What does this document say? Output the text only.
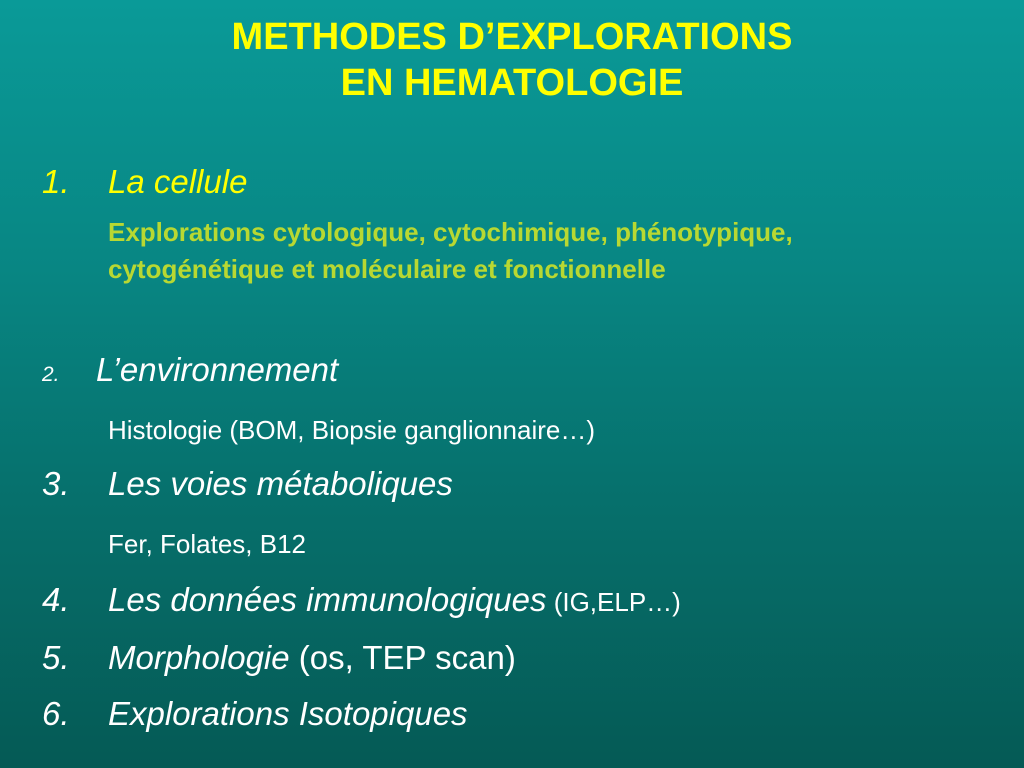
METHODES D’EXPLORATIONS
EN HEMATOLOGIE
1. La cellule
Explorations cytologique, cytochimique, phénotypique, cytogénétique et moléculaire et fonctionnelle
2. L’environnement
Histologie (BOM, Biopsie ganglionnaire…)
3. Les voies métaboliques
Fer, Folates, B12
4. Les données immunologiques (IG,ELP…)
5. Morphologie (os, TEP scan)
6. Explorations Isotopiques
